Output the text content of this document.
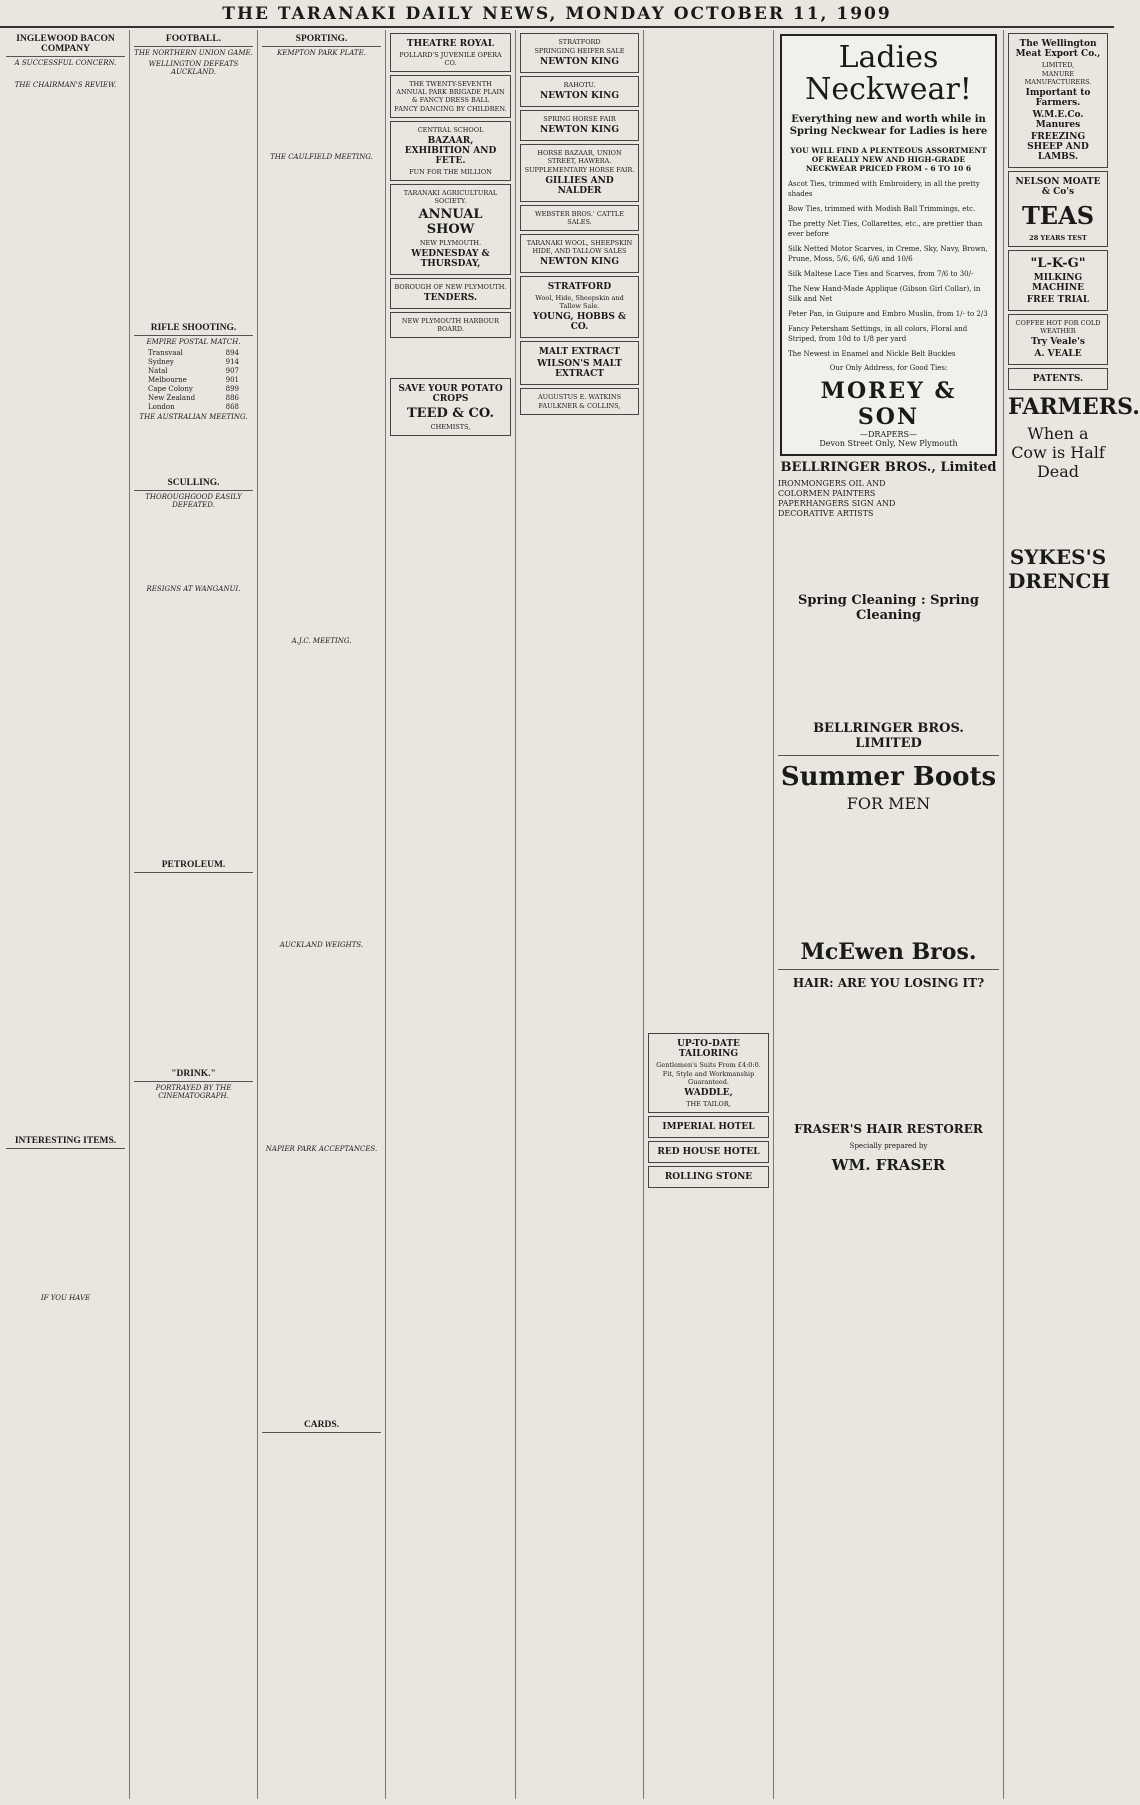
THE TARANAKI DAILY NEWS, MONDAY OCTOBER 11, 1909
INGLEWOOD BACON COMPANY
A SUCCESSFUL CONCERN.

THE CHAIRMAN'S REVIEW.

INTERESTING ITEMS.

IF YOU HAVE
FOOTBALL.
THE NORTHERN UNION GAME.
WELLINGTON DEFEATS AUCKLAND.

RIFLE SHOOTING.
EMPIRE POSTAL MATCH.
Transvaal	894
Sydney	914
Natal	907
Melbourne	901
Cape Colony	899
New Zealand	886
London	868
THE AUSTRALIAN MEETING.

SCULLING.
THOROUGHGOOD EASILY DEFEATED.

RESIGNS AT WANGANUI.

PETROLEUM.

"DRINK."
PORTRAYED BY THE CINEMATOGRAPH.
SPORTING.
KEMPTON PARK PLATE.

THE CAULFIELD MEETING.

A.J.C. MEETING.

AUCKLAND WEIGHTS.

NAPIER PARK ACCEPTANCES.

CARDS.
THEATRE ROYAL
POLLARD'S JUVENILE OPERA CO.
THE TWENTY-SEVENTH ANNUAL PARK BRIGADE PLAIN & FANCY DRESS BALL
FANCY DANCING BY CHILDREN.
CENTRAL SCHOOL
BAZAAR, EXHIBITION AND FETE.
FUN FOR THE MILLION
TARANAKI AGRICULTURAL SOCIETY.
ANNUAL SHOW
NEW PLYMOUTH.
WEDNESDAY & THURSDAY,
BOROUGH OF NEW PLYMOUTH.
TENDERS.
NEW PLYMOUTH HARBOUR BOARD.
SAVE YOUR POTATO CROPS
TEED & CO.
CHEMISTS,
STRATFORD
SPRINGING HEIFER SALE
NEWTON KING
RAHOTU.
NEWTON KING
SPRING HORSE FAIR
NEWTON KING
HORSE BAZAAR, UNION STREET, HAWERA.
SUPPLEMENTARY HORSE FAIR.
GILLIES AND NALDER
WEBSTER BROS.' CATTLE SALES.
TARANAKI WOOL, SHEEPSKIN HIDE, AND TALLOW SALES
NEWTON KING
STRATFORD
Wool, Hide, Sheepskin and Tallow Sale.
YOUNG, HOBBS & CO.
MALT EXTRACT
WILSON'S MALT EXTRACT
AUGUSTUS E. WATKINS
FAULKNER & COLLINS,

UP-TO-DATE TAILORING
Gentlemen's Suits From £4:0:0.
Fit, Style and Workmanship Guaranteed.
WADDLE,
THE TAILOR,
IMPERIAL HOTEL
RED HOUSE HOTEL
ROLLING STONE
Ladies Neckwear!
Everything new and worth while in Spring Neckwear for Ladies is here
YOU WILL FIND A PLENTEOUS ASSORTMENT OF REALLY NEW AND HIGH-GRADE NECKWEAR PRICED FROM - 6 TO 10 6
Ascot Ties, trimmed with Embroidery, in all the pretty shades
Bow Ties, trimmed with Modish Ball Trimmings, etc.
The pretty Net Ties, Collarettes, etc., are prettier than ever before
Silk Netted Motor Scarves, in Creme, Sky, Navy, Brown, Prune, Moss, 5/6, 6/6, 6/6 and 10/6
Silk Maltese Lace Ties and Scarves, from 7/6 to 30/-
The New Hand-Made Applique (Gibson Girl Collar), in Silk and Net
Peter Pan, in Guipure and Embro Muslin, from 1/- to 2/3
Fancy Petersham Settings, in all colors, Floral and Striped, from 10d to 1/8 per yard
The Newest in Enamel and Nickle Belt Buckles
Our Only Address, for Good Ties:
MOREY & SON
—DRAPERS—
Devon Street Only, New Plymouth
BELLRINGER BROS., Limited
IRONMONGERS OIL AND COLORMEN PAINTERS PAPERHANGERS SIGN AND DECORATIVE ARTISTS

Spring Cleaning : Spring Cleaning

BELLRINGER BROS. LIMITED
Summer Boots
FOR MEN

McEwen Bros.
HAIR: ARE YOU LOSING IT?

FRASER'S HAIR RESTORER
Specially prepared by
WM. FRASER
The Wellington Meat Export Co.,
LIMITED,
MANURE MANUFACTURERS.
Important to Farmers.
W.M.E.Co. Manures
FREEZING SHEEP AND LAMBS.
NELSON MOATE & Co's
TEAS
28 YEARS TEST
"L-K-G"
MILKING MACHINE
FREE TRIAL
COFFEE HOT FOR COLD WEATHER
Try Veale's
A. VEALE
PATENTS.
FARMERS.
When a Cow is Half Dead

SYKES'S DRENCH
